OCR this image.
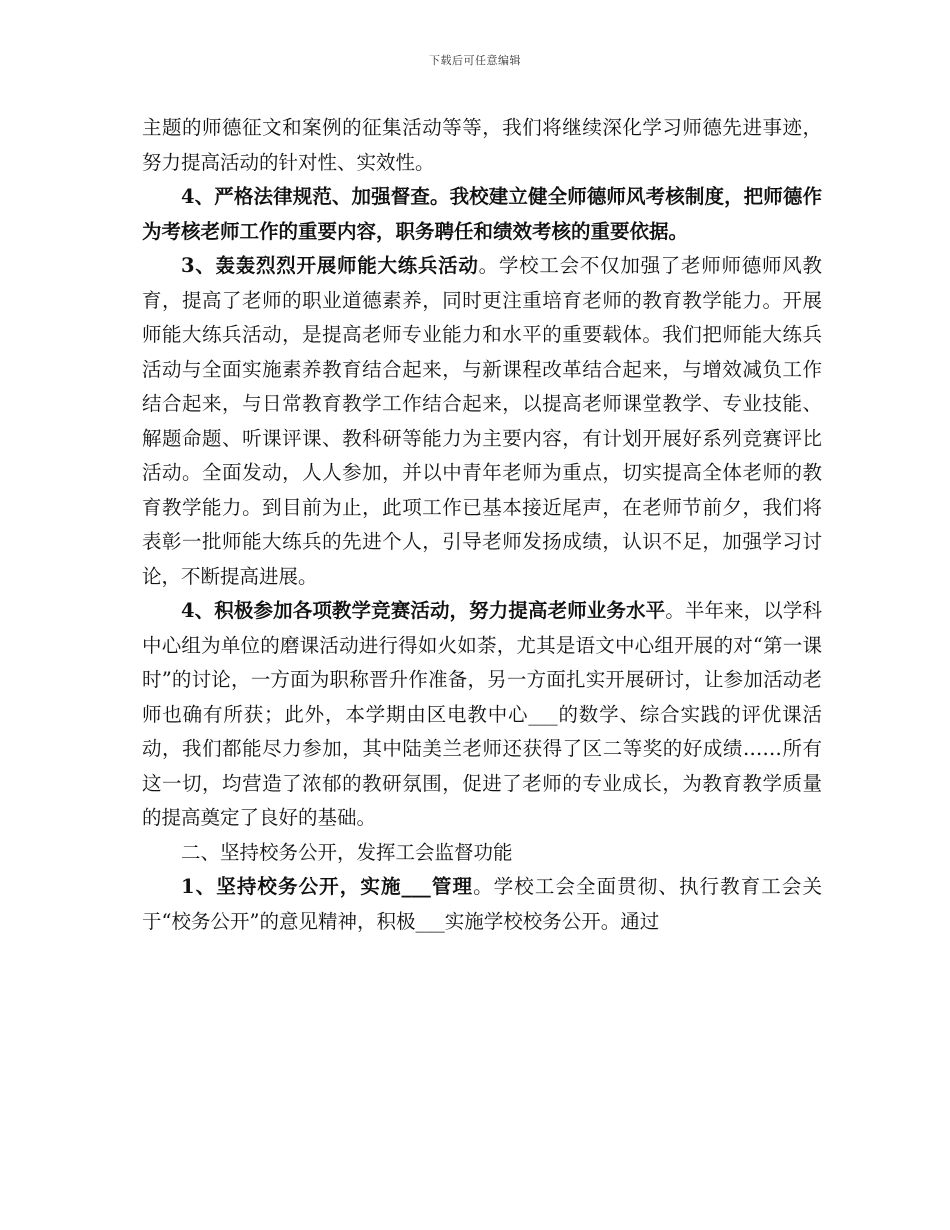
下载后可任意编辑

主题的师德征文和案例的征集活动等等，我们将继续深化学习师德先进事迹，努力提高活动的针对性、实效性。

4、严格法律规范、加强督查。我校建立健全师德师风考核制度，把师德作为考核老师工作的重要内容，职务聘任和绩效考核的重要依据。

3、轰轰烈烈开展师能大练兵活动。学校工会不仅加强了老师师德师风教育，提高了老师的职业道德素养，同时更注重培育老师的教育教学能力。开展师能大练兵活动，是提高老师专业能力和水平的重要载体。我们把师能大练兵活动与全面实施素养教育结合起来，与新课程改革结合起来，与增效减负工作结合起来，与日常教育教学工作结合起来，以提高老师课堂教学、专业技能、解题命题、听课评课、教科研等能力为主要内容，有计划开展好系列竞赛评比活动。全面发动，人人参加，并以中青年老师为重点，切实提高全体老师的教育教学能力。到目前为止，此项工作已基本接近尾声，在老师节前夕，我们将表彰一批师能大练兵的先进个人，引导老师发扬成绩，认识不足，加强学习讨论，不断提高进展。

4、积极参加各项教学竞赛活动，努力提高老师业务水平。半年来，以学科中心组为单位的磨课活动进行得如火如荼，尤其是语文中心组开展的对“第一课时”的讨论，一方面为职称晋升作准备，另一方面扎实开展研讨，让参加活动老师也确有所获；此外，本学期由区电教中心___的数学、综合实践的评优课活动，我们都能尽力参加，其中陆美兰老师还获得了区二等奖的好成绩……所有这一切，均营造了浓郁的教研氛围，促进了老师的专业成长，为教育教学质量的提高奠定了良好的基础。

二、坚持校务公开，发挥工会监督功能

1、坚持校务公开，实施___管理。学校工会全面贯彻、执行教育工会关于“校务公开”的意见精神，积极___实施学校校务公开。通过
